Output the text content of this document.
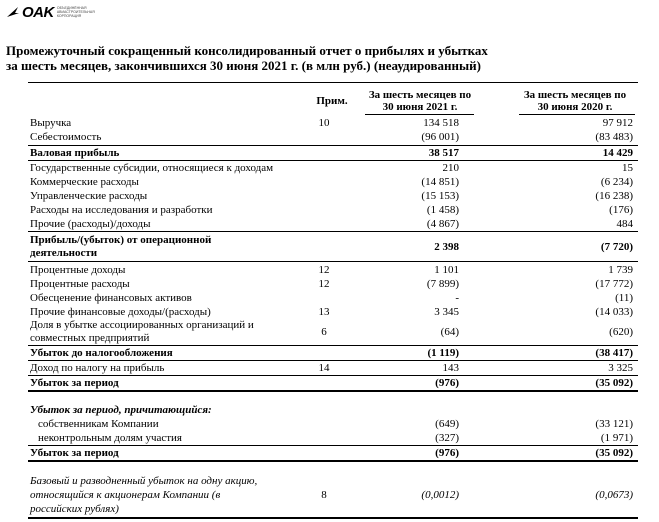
OAK ОБЪЕДИНЁННАЯ АВИАСТРОИТЕЛЬНАЯ КОРПОРАЦИЯ
Промежуточный сокращенный консолидированный отчет о прибылях и убытках
за шесть месяцев, закончившихся 30 июня 2021 г. (в млн руб.) (неаудированный)
Прим.	За шесть месяцев по
30 июня 2021 г.
За шесть месяцев по
30 июня 2020 г.
Выручка	10	134 518	97 912
Себестоимость	(96 001)	(83 483)
Валовая прибыль	38 517	14 429
Государственные субсидии, относящиеся к доходам	210	15
Коммерческие расходы	(14 851)	(6 234)
Управленческие расходы	(15 153)	(16 238)
Расходы на исследования и разработки	(1 458)	(176)
Прочие (расходы)/доходы	(4 867)	484
Прибыль/(убыток) от операционной
деятельности	2 398	(7 720)
Процентные доходы	12	1 101	1 739
Процентные расходы	12	(7 899)	(17 772)
Обесценение финансовых активов	-	(11)
Прочие финансовые доходы/(расходы)	13	3 345	(14 033)
Доля в убытке ассоциированных организаций и
совместных предприятий	6	(64)	(620)
Убыток до налогообложения	(1 119)	(38 417)
Доход по налогу на прибыль	14	143	3 325
Убыток за период	(976)	(35 092)
Убыток за период, причитающийся:
собственникам Компании	(649)	(33 121)
неконтрольным долям участия	(327)	(1 971)
Убыток за период	(976)	(35 092)
Базовый и разводненный убыток на одну акцию,
относящийся к акционерам Компании (в
российских рублях)
8	(0,0012)	(0,0673)
